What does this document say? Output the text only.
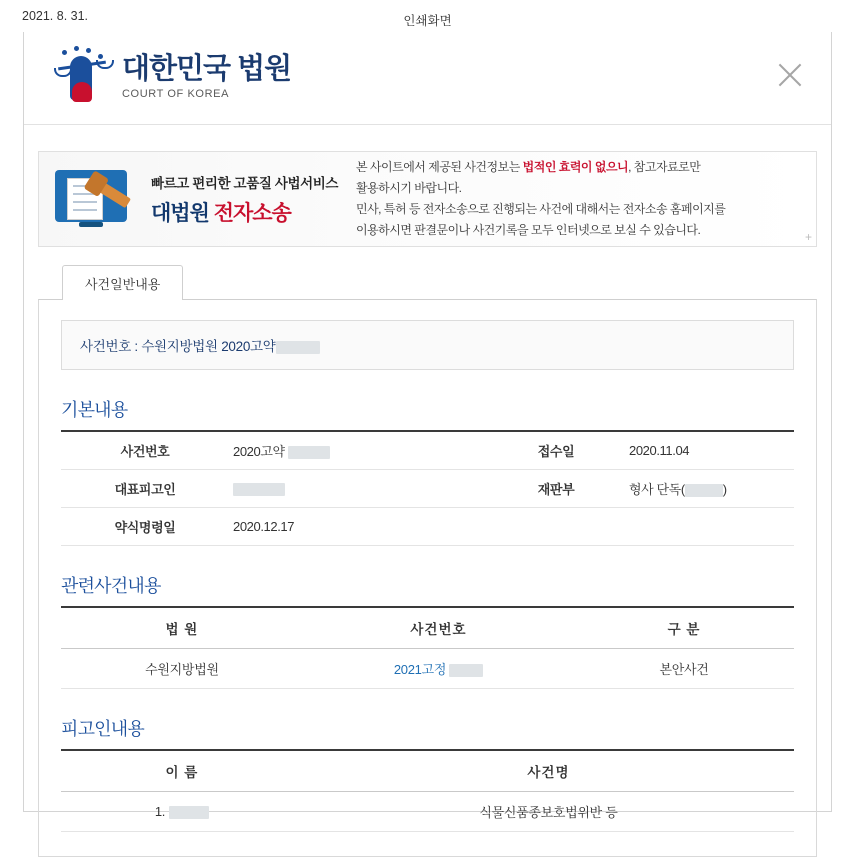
2021. 8. 31.	인쇄화면
대한민국 법원
COURT OF KOREA
빠르고 편리한 고품질 사법서비스
대법원 전자소송
본 사이트에서 제공된 사건정보는 법적인 효력이 없으니, 참고자료로만
활용하시기 바랍니다.
민사, 특허 등 전자소송으로 진행되는 사건에 대해서는 전자소송 홈페이지를
이용하시면 판결문이나 사건기록을 모두 인터넷으로 보실 수 있습니다.	+
사건일반내용
사건번호 : 수원지방법원 2020고약
기본내용
사건번호	2020고약	접수일	2020.11.04
대표피고인		재판부	형사 단독( )
약식명령일	2020.12.17		
관련사건내용
법 원	사건번호	구 분
수원지방법원	2021고정	본안사건
피고인내용
이 름	사건명
1.	식물신품종보호법위반 등
